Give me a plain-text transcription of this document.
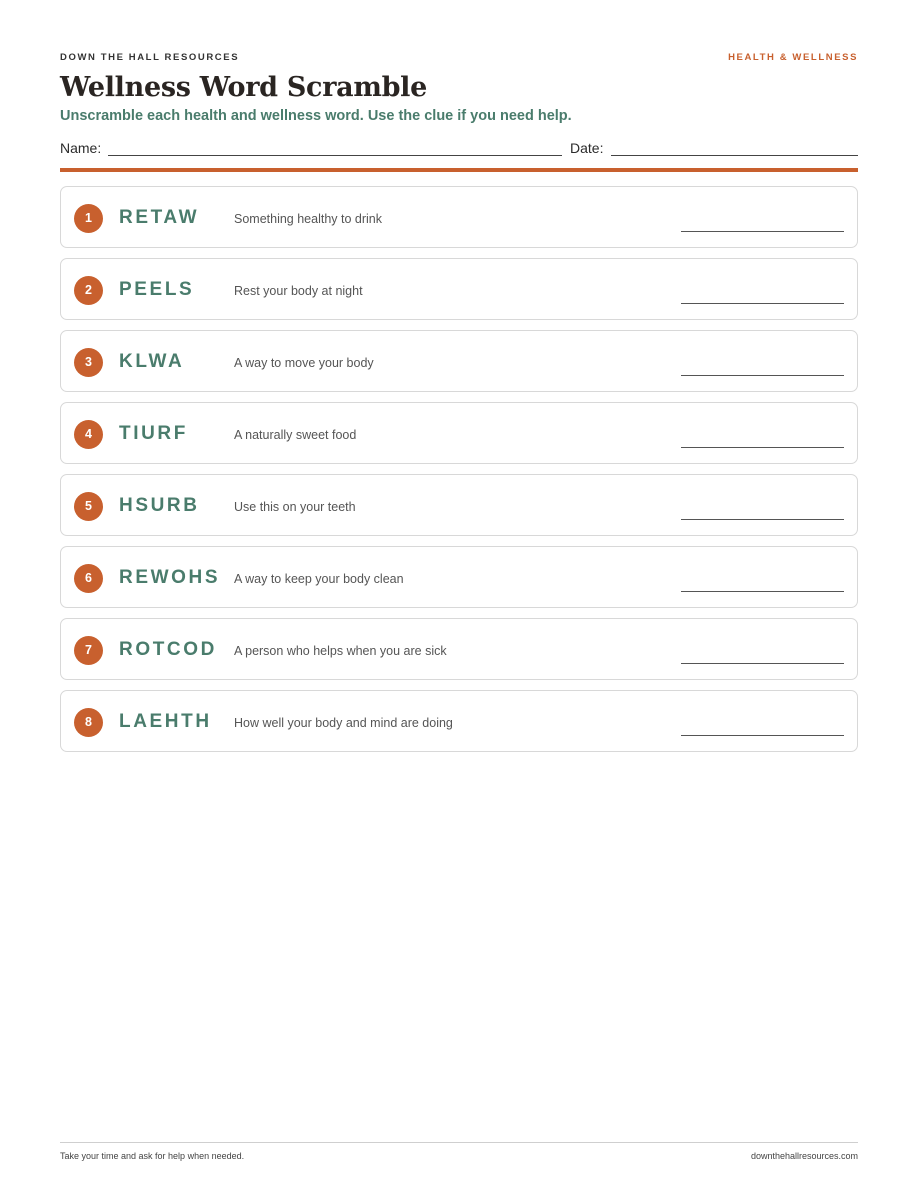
DOWN THE HALL RESOURCES	HEALTH & WELLNESS
Wellness Word Scramble
Unscramble each health and wellness word. Use the clue if you need help.
Name:	Date:
1	RETAW	Something healthy to drink
2	PEELS	Rest your body at night
3	KLWA	A way to move your body
4	TIURF	A naturally sweet food
5	HSURB	Use this on your teeth
6	REWOHS A way to keep your body clean
7	ROTCOD A person who helps when you are sick
8	LAEHTH How well your body and mind are doing
Take your time and ask for help when needed.	downthehallresources.com
